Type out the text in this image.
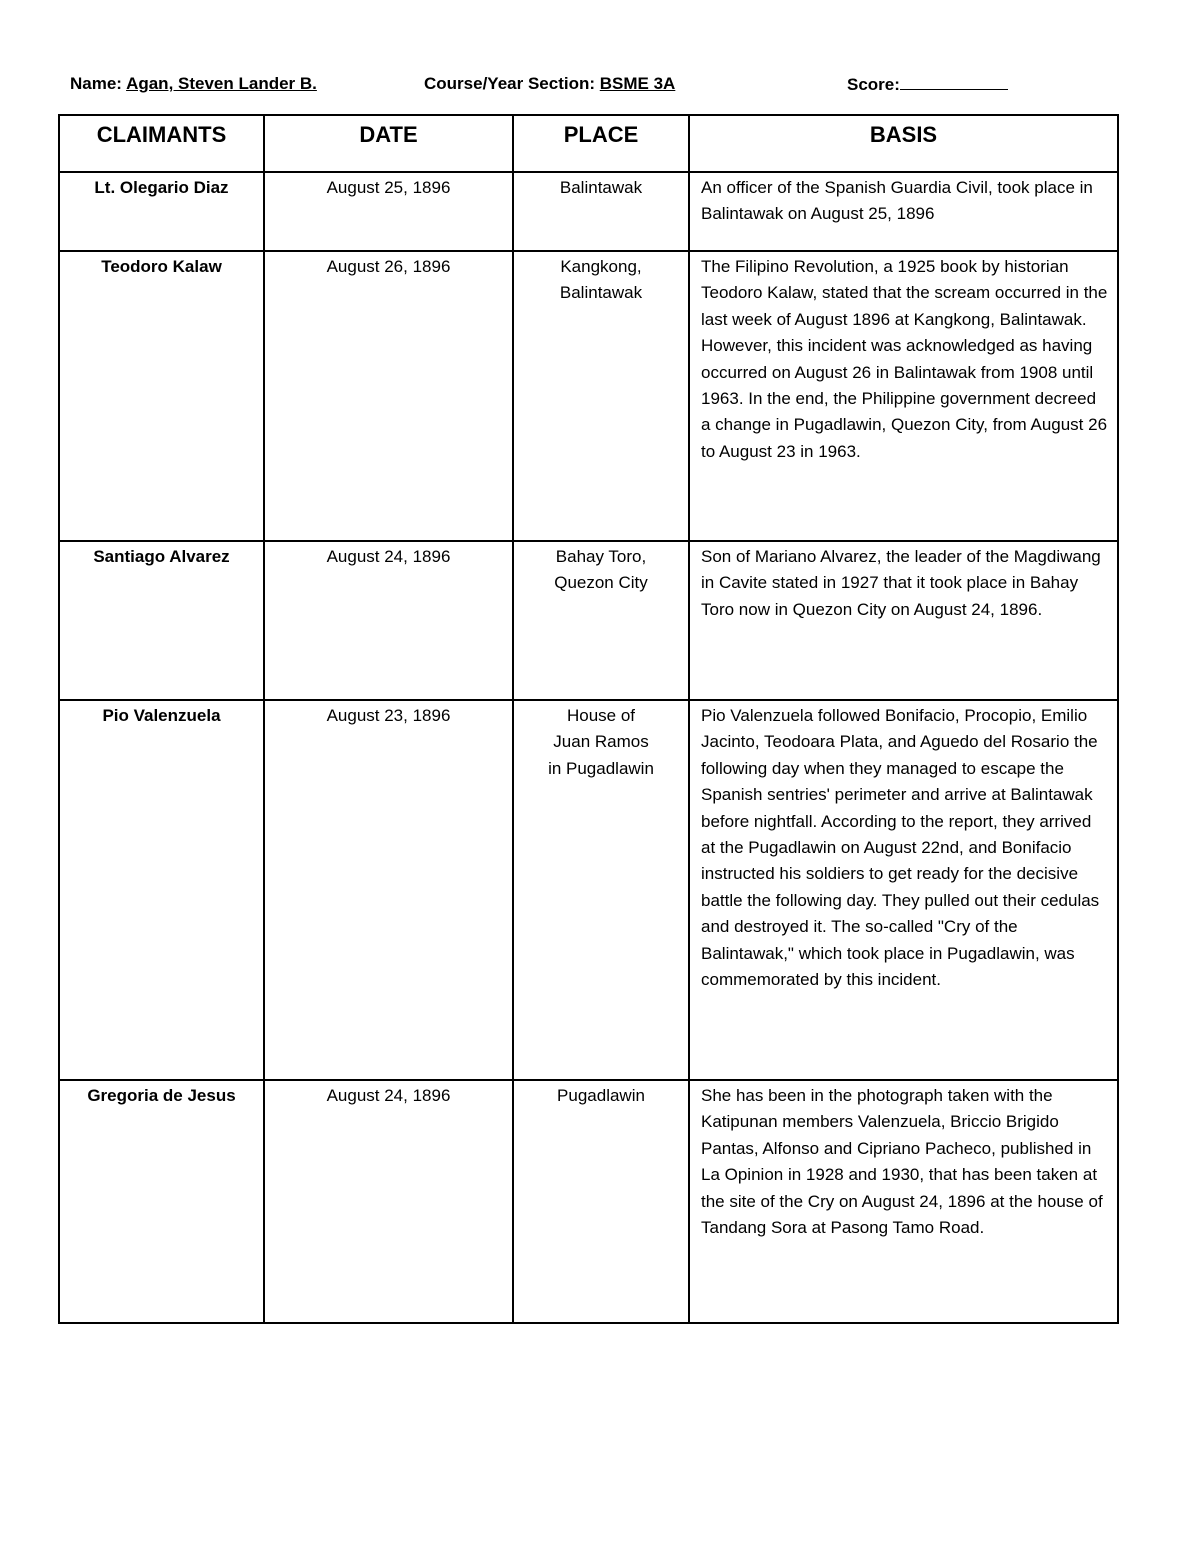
Name: Agan, Steven Lander B.	Course/Year Section: BSME 3A	Score:
CLAIMANTS	DATE	PLACE	BASIS
Lt. Olegario Diaz	August 25, 1896	Balintawak	An officer of the Spanish Guardia Civil, took place in Balintawak on August 25, 1896
Teodoro Kalaw	August 26, 1896	Kangkong, Balintawak	The Filipino Revolution, a 1925 book by historian Teodoro Kalaw, stated that the scream occurred in the last week of August 1896 at Kangkong, Balintawak. However, this incident was acknowledged as having occurred on August 26 in Balintawak from 1908 until 1963. In the end, the Philippine government decreed a change in Pugadlawin, Quezon City, from August 26 to August 23 in 1963.
Santiago Alvarez	August 24, 1896	Bahay Toro, Quezon City	Son of Mariano Alvarez, the leader of the Magdiwang in Cavite stated in 1927 that it took place in Bahay Toro now in Quezon City on August 24, 1896.
Pio Valenzuela	August 23, 1896	House of Juan Ramos in Pugadlawin	Pio Valenzuela followed Bonifacio, Procopio, Emilio Jacinto, Teodoara Plata, and Aguedo del Rosario the following day when they managed to escape the Spanish sentries' perimeter and arrive at Balintawak before nightfall. According to the report, they arrived at the Pugadlawin on August 22nd, and Bonifacio instructed his soldiers to get ready for the decisive battle the following day. They pulled out their cedulas and destroyed it. The so-called "Cry of the Balintawak," which took place in Pugadlawin, was commemorated by this incident.
Gregoria de Jesus	August 24, 1896	Pugadlawin	She has been in the photograph taken with the Katipunan members Valenzuela, Briccio Brigido Pantas, Alfonso and Cipriano Pacheco, published in La Opinion in 1928 and 1930, that has been taken at the site of the Cry on August 24, 1896 at the house of Tandang Sora at Pasong Tamo Road.
